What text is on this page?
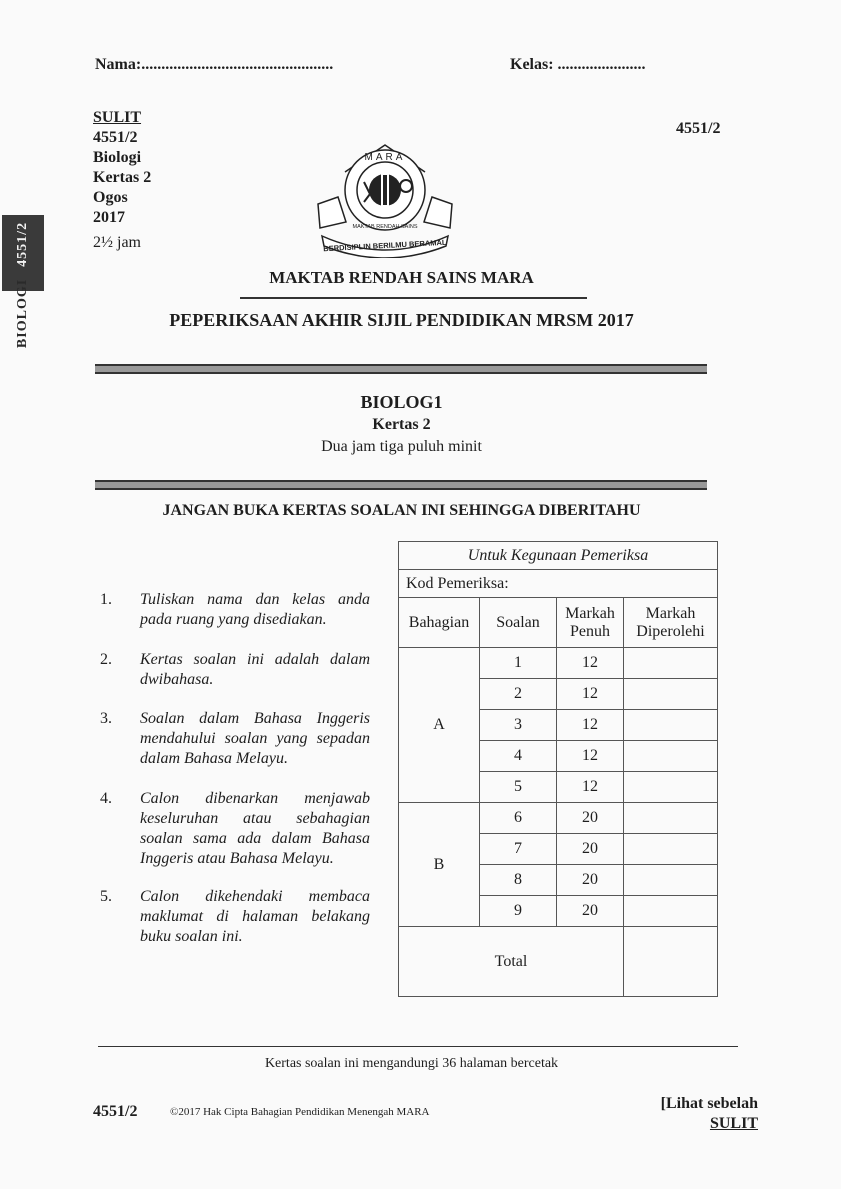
Nama:................................................	Kelas: ......................
SULIT
4551/2
Biologi
Kertas 2
Ogos
2017
2½ jam
4551/2
BIOLOGI4551/2
MARA
MAKTAB RENDAH SAINS
BERDISIPLIN BERILMU BERAMAL
MAKTAB RENDAH SAINS MARA
PEPERIKSAAN AKHIR SIJIL PENDIDIKAN MRSM 2017
BIOLOG1
Kertas 2
Dua jam tiga puluh minit
JANGAN BUKA KERTAS SOALAN INI SEHINGGA DIBERITAHU
1. Tuliskan nama dan kelas anda pada ruang yang disediakan.
2. Kertas soalan ini adalah dalam dwibahasa.
3. Soalan dalam Bahasa Inggeris mendahului soalan yang sepadan dalam Bahasa Melayu.
4. Calon dibenarkan menjawab keseluruhan atau sebahagian soalan sama ada dalam Bahasa Inggeris atau Bahasa Melayu.
5. Calon dikehendaki membaca maklumat di halaman belakang buku soalan ini.
Untuk Kegunaan Pemeriksa			
Kod Pemeriksa:			
Bahagian	Soalan	Markah Penuh	Markah Diperolehi
A	1	12	
	2	12	
	3	12	
	4	12	
	5	12	
B	6	20	
	7	20	
	8	20	
	9	20	
Total			
Kertas soalan ini mengandungi 36 halaman bercetak
4551/2	©2017 Hak Cipta Bahagian Pendidikan Menengah MARA	[Lihat sebelah
SULIT
